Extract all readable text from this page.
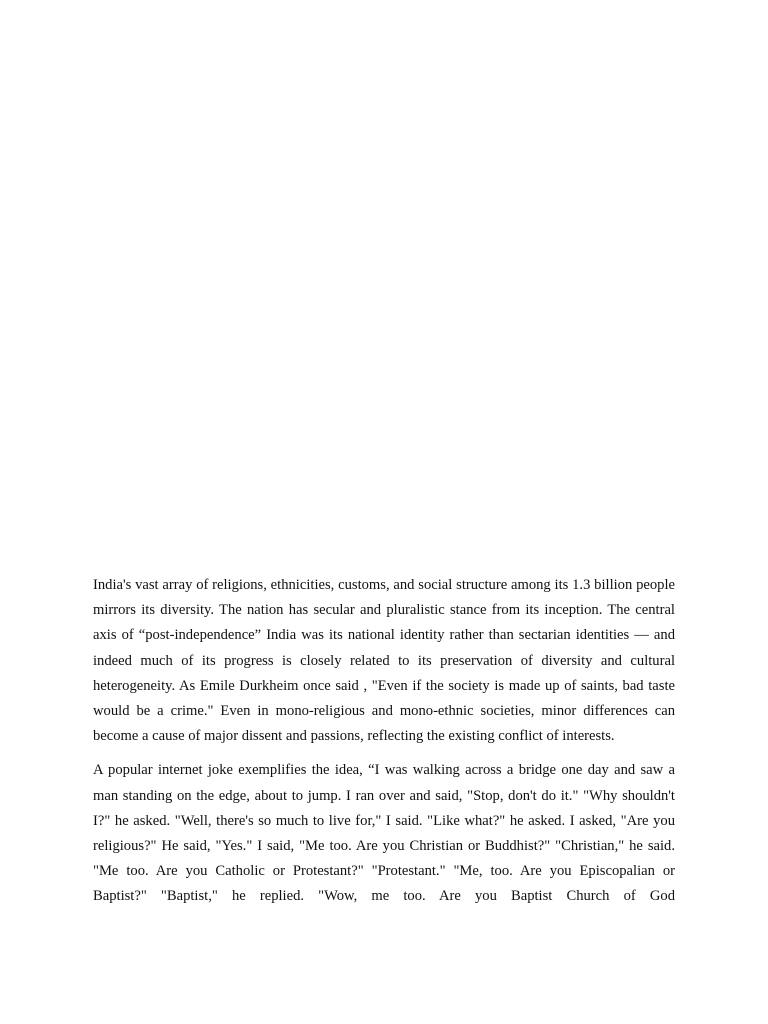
India's vast array of religions, ethnicities, customs, and social structure among its 1.3 billion people mirrors its diversity. The nation has secular and pluralistic stance from its inception. The central axis of “post-independence” India was its national identity rather than sectarian identities — and indeed much of its progress is closely related to its preservation of diversity and cultural heterogeneity. As Emile Durkheim once said , "Even if the society is made up of saints, bad taste would be a crime." Even in mono-religious and mono-ethnic societies, minor differences can become a cause of major dissent and passions, reflecting the existing conflict of interests.

A popular internet joke exemplifies the idea, “I was walking across a bridge one day and saw a man standing on the edge, about to jump. I ran over and said, "Stop, don't do it." "Why shouldn't I?" he asked. "Well, there's so much to live for," I said. "Like what?" he asked. I asked, "Are you religious?" He said, "Yes." I said, "Me too. Are you Christian or Buddhist?" "Christian," he said. "Me too. Are you Catholic or Protestant?" "Protestant." "Me, too. Are you Episcopalian or Baptist?" "Baptist," he replied. "Wow, me too. Are you Baptist Church of God
